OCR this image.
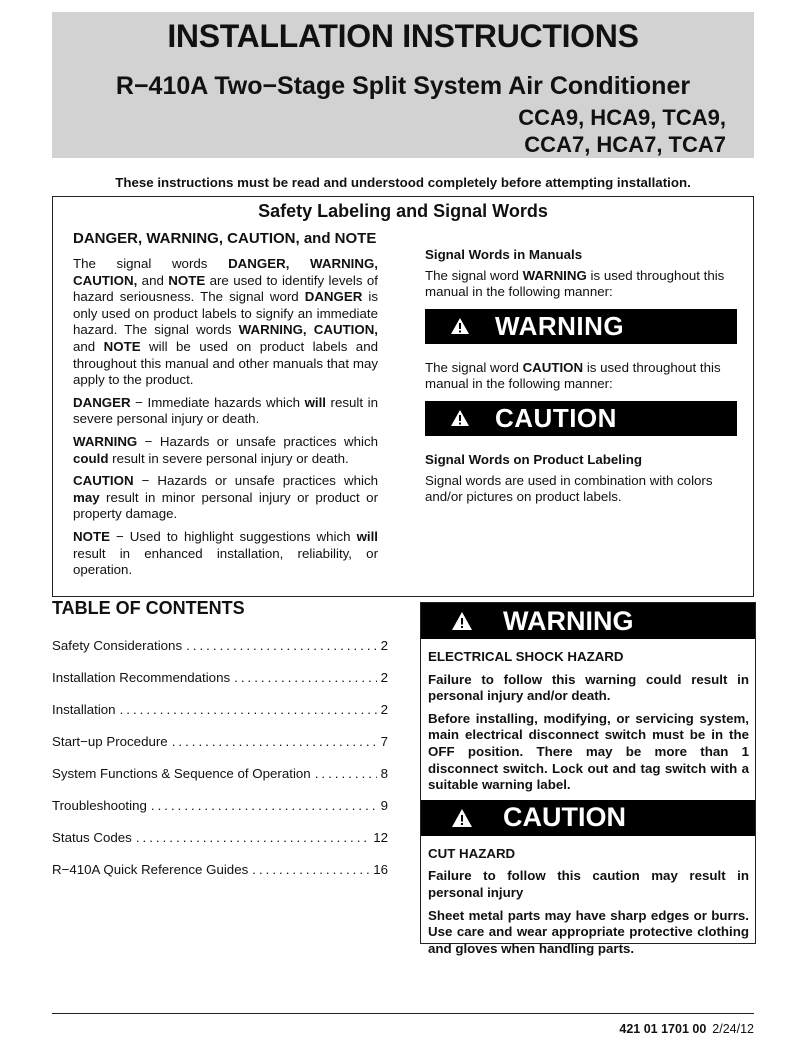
INSTALLATION INSTRUCTIONS
R−410A Two−Stage Split System Air Conditioner
CCA9, HCA9, TCA9,
CCA7, HCA7, TCA7
These instructions must be read and understood completely before attempting installation.
Safety Labeling and Signal Words
DANGER, WARNING, CAUTION, and NOTE

The signal words DANGER, WARNING, CAUTION, and NOTE are used to identify levels of hazard seriousness. The signal word DANGER is only used on product labels to signify an immediate hazard. The signal words WARNING, CAUTION, and NOTE will be used on product labels and throughout this manual and other manuals that may apply to the product.

DANGER − Immediate hazards which will result in severe personal injury or death.

WARNING − Hazards or unsafe practices which could result in severe personal injury or death.

CAUTION − Hazards or unsafe practices which may result in minor personal injury or product or property damage.

NOTE − Used to highlight suggestions which will result in enhanced installation, reliability, or operation.

Signal Words in Manuals

The signal word WARNING is used throughout this manual in the following manner:

WARNING

The signal word CAUTION is used throughout this manual in the following manner:

CAUTION
Signal Words on Product Labeling

Signal words are used in combination with colors and/or pictures on product labels.

TABLE OF CONTENTS
Safety Considerations .....	2
Installation Recommendations .....	2
Installation .....	2
Start−up Procedure .....	7
System Functions & Sequence of Operation .....	8
Troubleshooting .....	9
Status Codes .....	12
R−410A Quick Reference Guides .....	16
WARNING

ELECTRICAL SHOCK HAZARD

Failure to follow this warning could result in personal injury and/or death.

Before installing, modifying, or servicing system, main electrical disconnect switch must be in the OFF position. There may be more than 1 disconnect switch. Lock out and tag switch with a suitable warning label.

CAUTION

CUT HAZARD

Failure to follow this caution may result in personal injury

Sheet metal parts may have sharp edges or burrs. Use care and wear appropriate protective clothing and gloves when handling parts.

421 01 1701 00 2/24/12
